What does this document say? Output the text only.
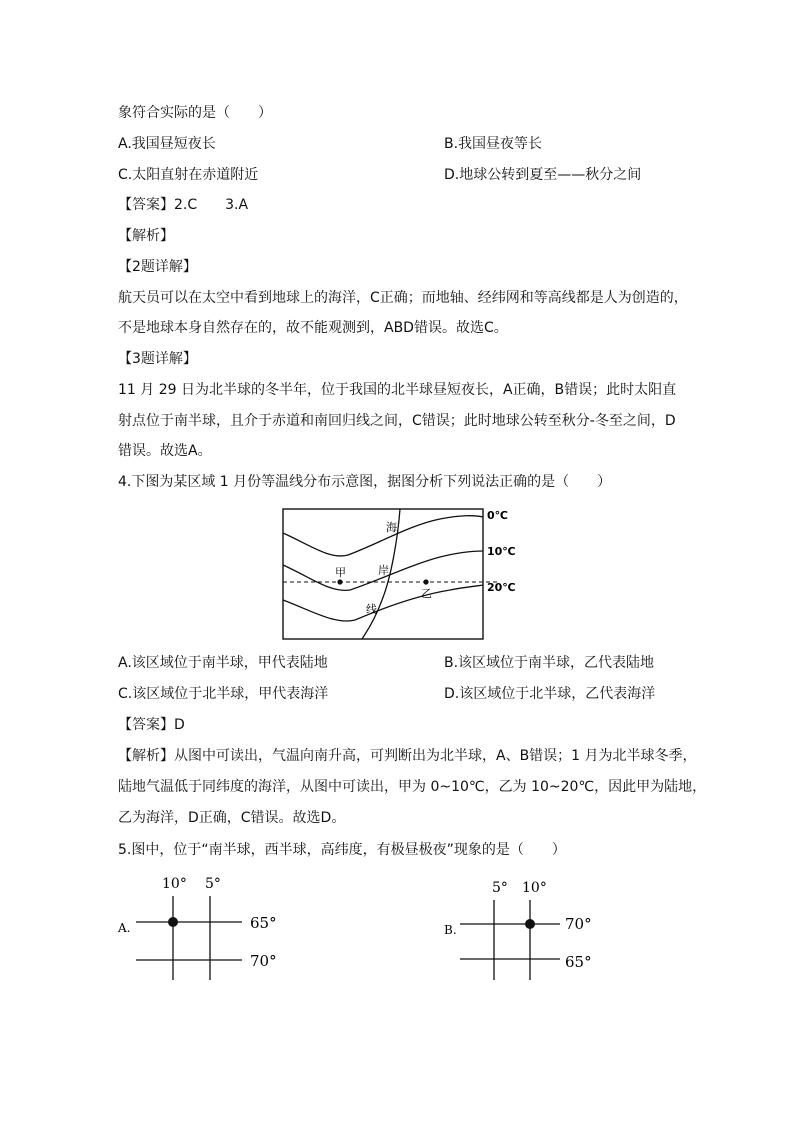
象符合实际的是（　　）
A.我国昼短夜长	B.我国昼夜等长
C.太阳直射在赤道附近	D.地球公转到夏至——秋分之间
【答案】2.C　　3.A
【解析】
【2题详解】
航天员可以在太空中看到地球上的海洋，C正确；而地轴、经纬网和等高线都是人为创造的，
不是地球本身自然存在的，故不能观测到，ABD错误。故选C。
【3题详解】
11 月 29 日为北半球的冬半年，位于我国的北半球昼短夜长，A正确，B错误；此时太阳直
射点位于南半球，且介于赤道和南回归线之间，C错误；此时地球公转至秋分-冬至之间，D
错误。故选A。
4.下图为某区域 1 月份等温线分布示意图，据图分析下列说法正确的是（　　）
甲
乙
海
岸
线
0℃
10℃
20℃
A.该区域位于南半球，甲代表陆地	B.该区域位于南半球，乙代表陆地
C.该区域位于北半球，甲代表海洋	D.该区域位于北半球，乙代表海洋
【答案】D
【解析】从图中可读出，气温向南升高，可判断出为北半球，A、B错误；1 月为北半球冬季，
陆地气温低于同纬度的海洋，从图中可读出，甲为 0~10℃，乙为 10~20℃，因此甲为陆地，
乙为海洋，D正确，C错误。故选D。
5.图中，位于“南半球，西半球，高纬度，有极昼极夜”现象的是（　　）
A.
10° 5°
65°
70°
B.
5° 10°
70°
65°
